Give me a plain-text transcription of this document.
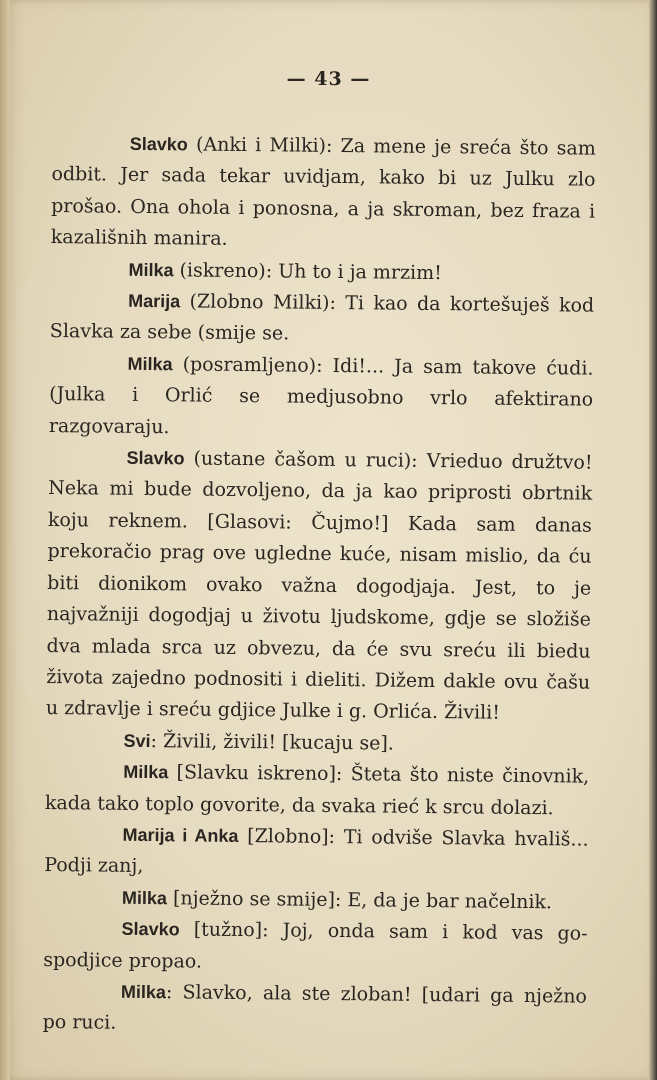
— 43 —

Slavko (Anki i Milki): Za mene je sreća što sam odbit. Jer sada tekar uvidjam, kako bi uz Julku zlo prošao. Ona ohola i ponosna, a ja skroman, bez fraza i kazališnih manira.

Milka (iskreno): Uh to i ja mrzim!

Marija (Zlobno Milki): Ti kao da kortešuješ kod Slavka za sebe (smije se.

Milka (posramljeno): Idi!... Ja sam takove ćudi. (Julka i Orlić se medjusobno vrlo afektirano razgovaraju.

Slavko (ustane čašom u ruci): Vrieduo družtvo! Neka mi bude dozvoljeno, da ja kao priprosti obrtnik koju reknem. [Glasovi: Čujmo!] Kada sam danas prekoračio prag ove ugledne kuće, nisam mislio, da ću biti dionikom ovako važna dogodjaja. Jest, to je najvažniji dogodjaj u životu ljudskome, gdje se složiše dva mlada srca uz obvezu, da će svu sreću ili biedu života zajedno podnositi i dieliti. Dižem dakle ovu čašu u zdravlje i sreću gdjice Julke i g. Orlića. Živili!

Svi: Živili, živili! [kucaju se].

Milka [Slavku iskreno]: Šteta što niste činovnik, kada tako toplo govorite, da svaka rieć k srcu dolazi.

Marija i Anka [Zlobno]: Ti odviše Slavka hvališ... Podji zanj,

Milka [nježno se smije]: E, da je bar načelnik.

Slavko [tužno]: Joj, onda sam i kod vas gospodjice propao.

Milka: Slavko, ala ste zloban! [udari ga nježno po ruci.
